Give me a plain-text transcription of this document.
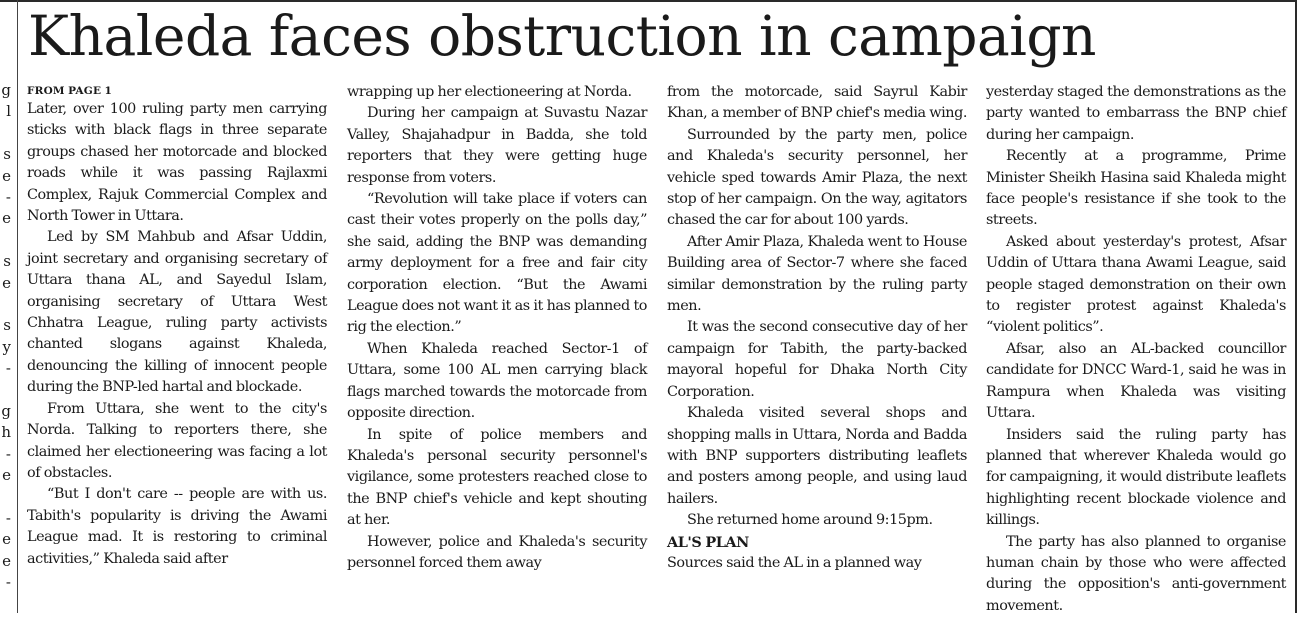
g
l
s
e
-
e
s
e
s
y
-
g
h
-
e
-
e
e
-
Khaleda faces obstruction in campaign
FROM PAGE 1

Later, over 100 ruling party men carrying sticks with black flags in three separate groups chased her motorcade and blocked roads while it was passing Rajlaxmi Complex, Rajuk Commercial Complex and North Tower in Uttara.

Led by SM Mahbub and Afsar Uddin, joint secretary and organising secretary of Uttara thana AL, and Sayedul Islam, organising secretary of Uttara West Chhatra League, ruling party activists chanted slogans against Khaleda, denouncing the killing of innocent people during the BNP-led hartal and blockade.

From Uttara, she went to the city's Norda. Talking to reporters there, she claimed her electioneering was facing a lot of obstacles.

“But I don't care -- people are with us. Tabith's popularity is driving the Awami League mad. It is restoring to criminal activities,” Khaleda said after

wrapping up her electioneering at Norda.

During her campaign at Suvastu Nazar Valley, Shajahadpur in Badda, she told reporters that they were getting huge response from voters.

“Revolution will take place if voters can cast their votes properly on the polls day,” she said, adding the BNP was demanding army deployment for a free and fair city corporation election. “But the Awami League does not want it as it has planned to rig the election.”

When Khaleda reached Sector-1 of Uttara, some 100 AL men carrying black flags marched towards the motorcade from opposite direction.

In spite of police members and Khaleda's personal security personnel's vigilance, some protesters reached close to the BNP chief's vehicle and kept shouting at her.

However, police and Khaleda's security personnel forced them away

from the motorcade, said Sayrul Kabir Khan, a member of BNP chief's media wing.

Surrounded by the party men, police and Khaleda's security personnel, her vehicle sped towards Amir Plaza, the next stop of her campaign. On the way, agitators chased the car for about 100 yards.

After Amir Plaza, Khaleda went to House Building area of Sector-7 where she faced similar demonstration by the ruling party men.

It was the second consecutive day of her campaign for Tabith, the party-backed mayoral hopeful for Dhaka North City Corporation.

Khaleda visited several shops and shopping malls in Uttara, Norda and Badda with BNP supporters distributing leaflets and posters among people, and using laud hailers.

She returned home around 9:15pm.

AL'S PLAN

Sources said the AL in a planned way

yesterday staged the demonstrations as the party wanted to embarrass the BNP chief during her campaign.

Recently at a programme, Prime Minister Sheikh Hasina said Khaleda might face people's resistance if she took to the streets.

Asked about yesterday's protest, Afsar Uddin of Uttara thana Awami League, said people staged demonstration on their own to register protest against Khaleda's “violent politics”.

Afsar, also an AL-backed councillor candidate for DNCC Ward-1, said he was in Rampura when Khaleda was visiting Uttara.

Insiders said the ruling party has planned that wherever Khaleda would go for campaigning, it would distribute leaflets highlighting recent blockade violence and killings.

The party has also planned to organise human chain by those who were affected during the opposition's anti-government movement.
